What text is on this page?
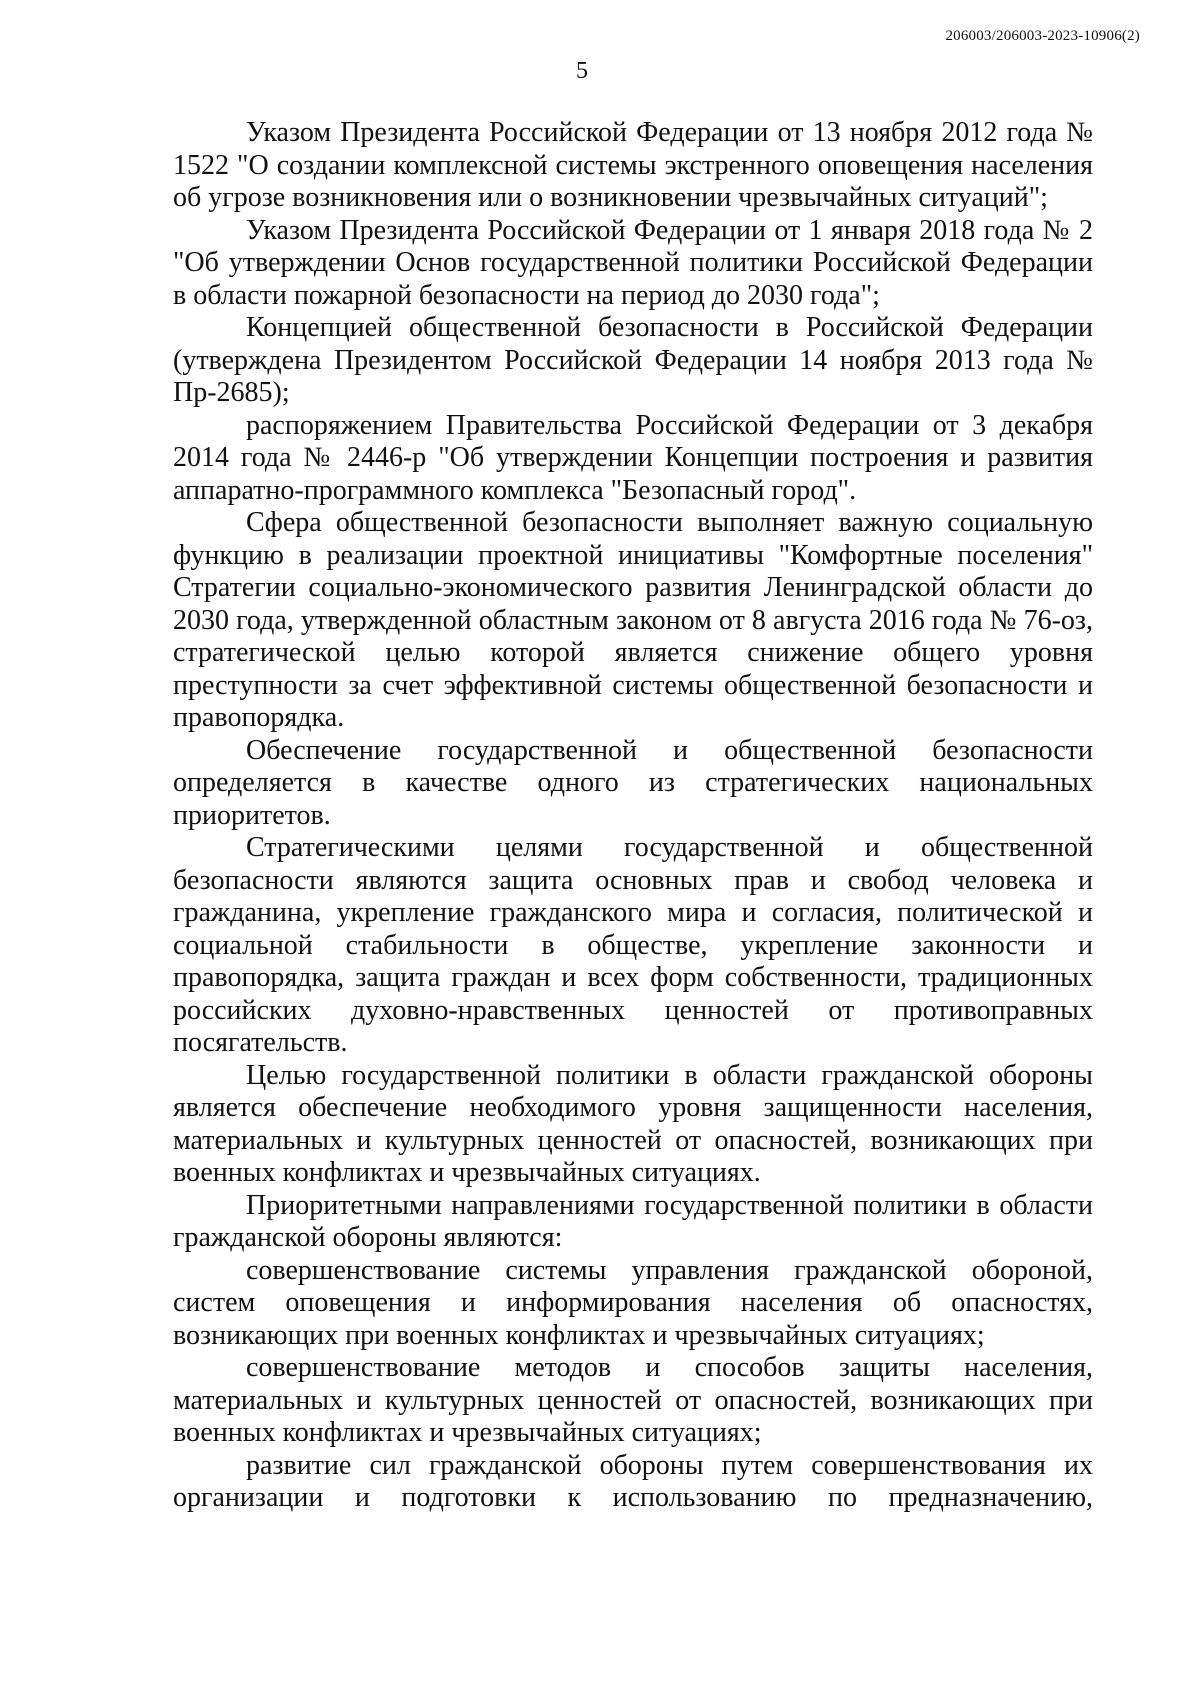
206003/206003-2023-10906(2)
5

Указом Президента Российской Федерации от 13 ноября 2012 года № 1522 "О создании комплексной системы экстренного оповещения населения об угрозе возникновения или о возникновении чрезвычайных ситуаций";

Указом Президента Российской Федерации от 1 января 2018 года № 2 "Об утверждении Основ государственной политики Российской Федерации в области пожарной безопасности на период до 2030 года";

Концепцией общественной безопасности в Российской Федерации (утверждена Президентом Российской Федерации 14 ноября 2013 года № Пр-2685);

распоряжением Правительства Российской Федерации от 3 декабря 2014 года № 2446-р "Об утверждении Концепции построения и развития аппаратно-программного комплекса "Безопасный город".

Сфера общественной безопасности выполняет важную социальную функцию в реализации проектной инициативы "Комфортные поселения" Стратегии социально-экономического развития Ленинградской области до 2030 года, утвержденной областным законом от 8 августа 2016 года № 76-оз, стратегической целью которой является снижение общего уровня преступности за счет эффективной системы общественной безопасности и правопорядка.

Обеспечение государственной и общественной безопасности определяется в качестве одного из стратегических национальных приоритетов.

Стратегическими целями государственной и общественной безопасности являются защита основных прав и свобод человека и гражданина, укрепление гражданского мира и согласия, политической и социальной стабильности в обществе, укрепление законности и правопорядка, защита граждан и всех форм собственности, традиционных российских духовно-нравственных ценностей от противоправных посягательств.

Целью государственной политики в области гражданской обороны является обеспечение необходимого уровня защищенности населения, материальных и культурных ценностей от опасностей, возникающих при военных конфликтах и чрезвычайных ситуациях.

Приоритетными направлениями государственной политики в области гражданской обороны являются:

совершенствование системы управления гражданской обороной, систем оповещения и информирования населения об опасностях, возникающих при военных конфликтах и чрезвычайных ситуациях;

совершенствование методов и способов защиты населения, материальных и культурных ценностей от опасностей, возникающих при военных конфликтах и чрезвычайных ситуациях;

развитие сил гражданской обороны путем совершенствования их организации и подготовки к использованию по предназначению,
